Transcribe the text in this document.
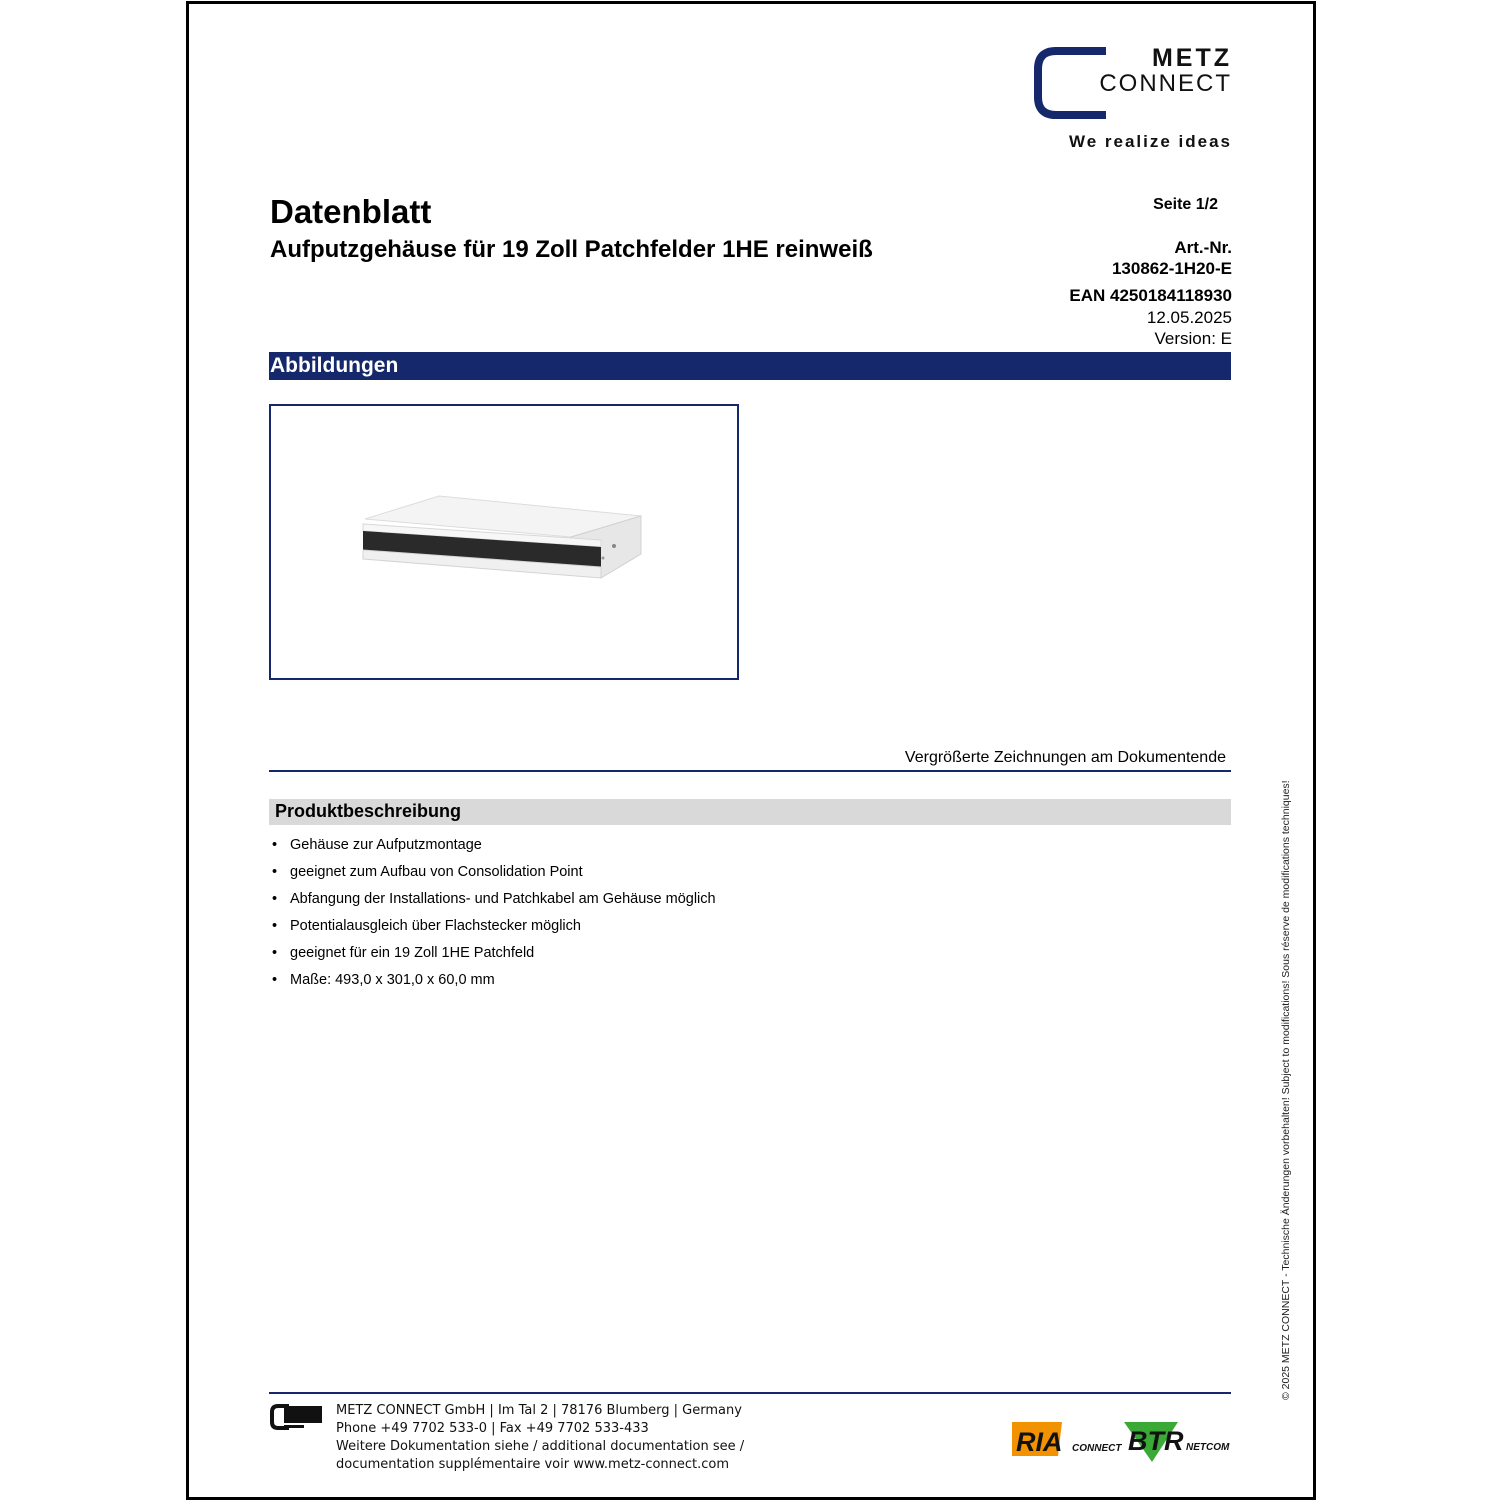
METZ
CONNECT
We realize ideas
Datenblatt
Aufputzgehäuse für 19 Zoll Patchfelder 1HE reinweiß
Seite 1/2
Art.-Nr.
130862-1H20-E
EAN 4250184118930
12.05.2025
Version: E
Abbildungen
Vergrößerte Zeichnungen am Dokumentende
Produktbeschreibung
• Gehäuse zur Aufputzmontage
• geeignet zum Aufbau von Consolidation Point
• Abfangung der Installations- und Patchkabel am Gehäuse möglich
• Potentialausgleich über Flachstecker möglich
• geeignet für ein 19 Zoll 1HE Patchfeld
• Maße: 493,0 x 301,0 x 60,0 mm	© 2025 METZ CONNECT - Technische Änderungen vorbehalten! Subject to modifications! Sous réserve de modifications techniques!
METZ CONNECT GmbH | Im Tal 2 | 78176 Blumberg | Germany
Phone +49 7702 533-0 | Fax +49 7702 533-433
Weitere Dokumentation siehe / additional documentation see /
documentation supplémentaire voir www.metz-connect.com
RIA CONNECT BTR NETCOM
